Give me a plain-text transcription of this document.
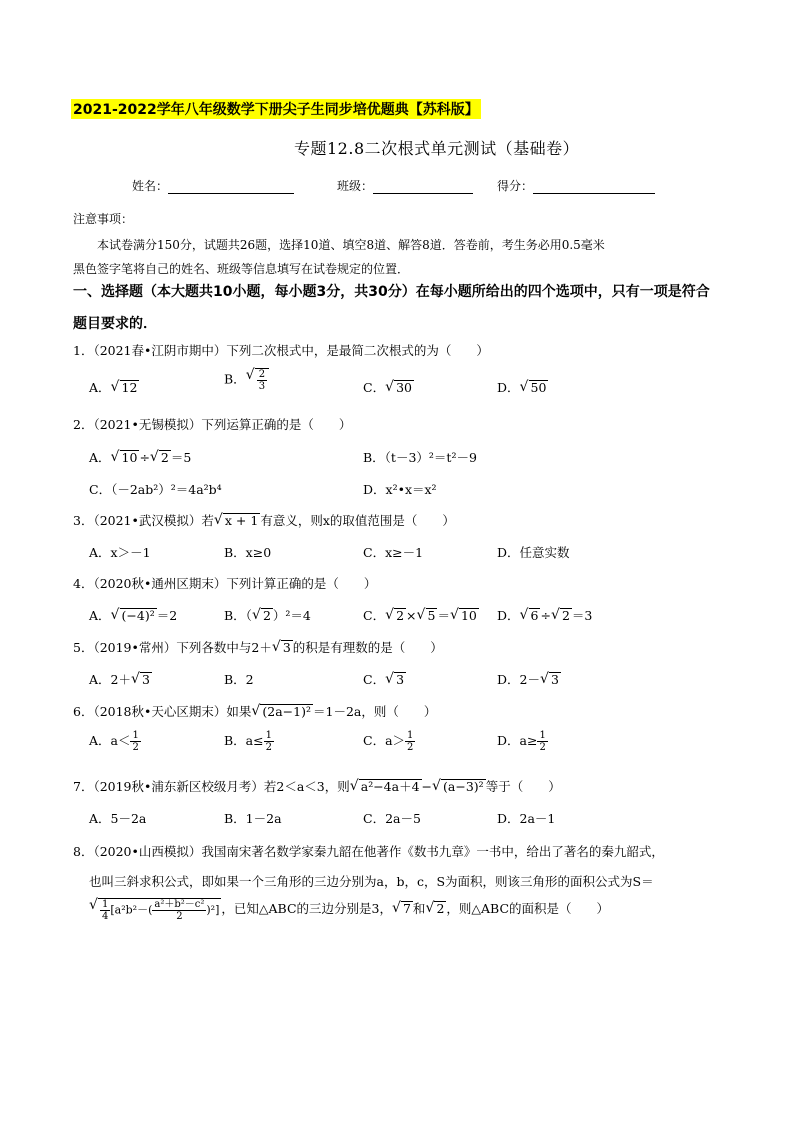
2021-2022学年八年级数学下册尖子生同步培优题典【苏科版】
专题12.8二次根式单元测试（基础卷）
姓名：	班级：	得分：
注意事项：
本试卷满分150分，试题共26题，选择10道、填空8道、解答8道．答卷前，考生务必用0.5毫米
黑色签字笔将自己的姓名、班级等信息填写在试卷规定的位置．
一、选择题（本大题共10小题，每小题3分，共30分）在每小题所给出的四个选项中，只有一项是符合
题目要求的．
1．（2021春•江阴市期中）下列二次根式中，是最简二次根式的为（　　）
A． √ 12
B． √ $\frac{2}{3}$	C． √ 30	D． √ 50
2．（2021•无锡模拟）下列运算正确的是（　　）
A． √ 10 ÷ √ 2 ＝5	B．（t－3）²＝t²－9
C．（－2ab²）²＝4a²b⁴	D．x²•x＝x²
3．（2021•武汉模拟）若 √ x + 1 有意义，则x的取值范围是（　　）
A．x＞－1	B．x≥0	C．x≥－1	D．任意实数
4．（2020秋•通州区期末）下列计算正确的是（　　）
A． √ (−4)² ＝2	B．（ √ 2 ）²＝4	C． √ 2 × √ 5 ＝ √ 10 D． √ 6 ÷ √ 2 ＝3
5．（2019•常州）下列各数中与2＋ √ 3 的积是有理数的是（　　）
A．2＋ √ 3	B．2	C． √ 3	D．2－ √ 3
6．（2018秋•天心区期末）如果 √ (2a−1)² ＝1－2a，则（　　）
A．$a< \frac{1}{2}$	B．$a\le \frac{1}{2}$	C．$a> \frac{1}{2}$	D．$a\ge \frac{1}{2}$
7．（2019秋•浦东新区校级月考）若2＜a＜3，则 √ a²−4a＋4 − √ (a−3)² 等于（　　）
A．5－2a	B．1－2a	C．2a－5	D．2a－1
8．（2020•山西模拟）我国南宋著名数学家秦九韶在他著作《数书九章》一书中，给出了著名的秦九韶式，
也叫三斜求积公式，即如果一个三角形的三边分别为a，b，c，S为面积，则该三角形的面积公式为S＝
√ $\frac{1}{4} [a^2b^2-( \frac{\text{a²＋b²－c²}}{2} )^2]$ ，已知△ABC的三边分别是3， √ 7 和 √ 2 ，则△ABC的面积是（　　）
